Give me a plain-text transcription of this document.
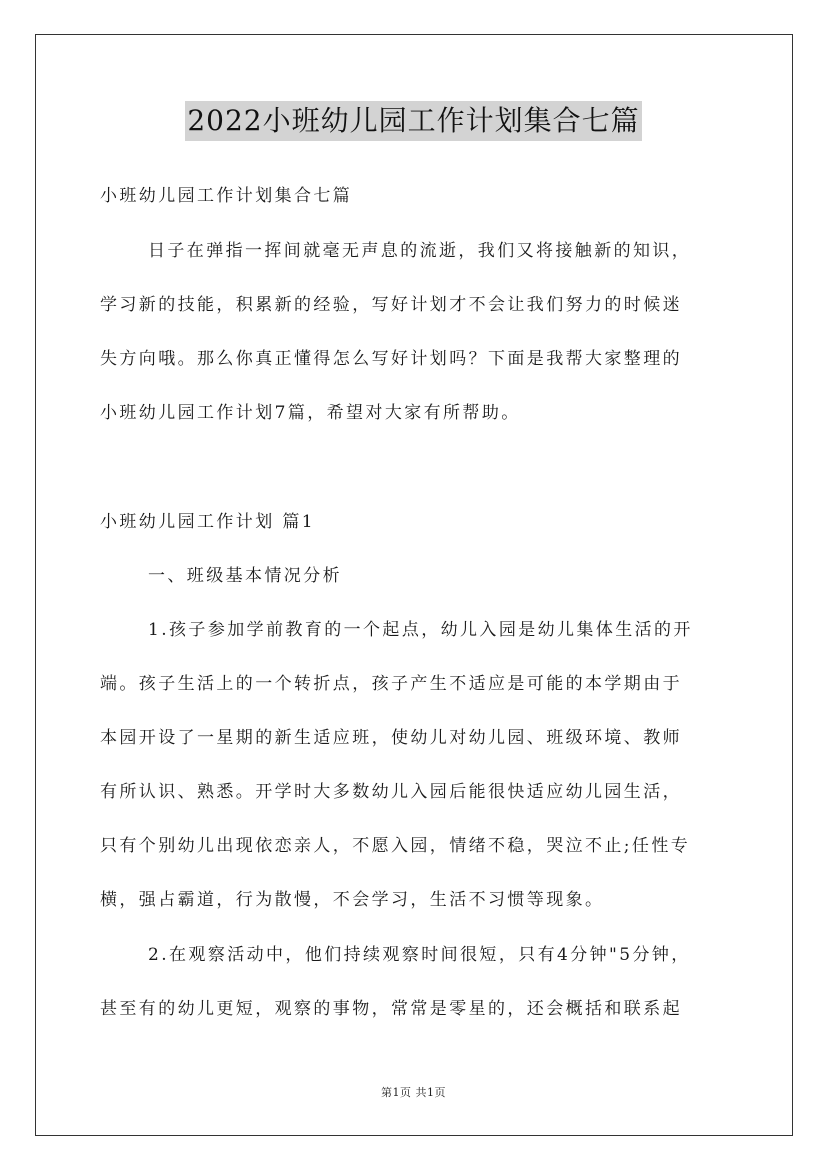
2022小班幼儿园工作计划集合七篇
小班幼儿园工作计划集合七篇
日子在弹指一挥间就毫无声息的流逝，我们又将接触新的知识，
学习新的技能，积累新的经验，写好计划才不会让我们努力的时候迷
失方向哦。那么你真正懂得怎么写好计划吗？下面是我帮大家整理的
小班幼儿园工作计划7篇，希望对大家有所帮助。
小班幼儿园工作计划 篇1
一、班级基本情况分析
1.孩子参加学前教育的一个起点，幼儿入园是幼儿集体生活的开
端。孩子生活上的一个转折点，孩子产生不适应是可能的本学期由于
本园开设了一星期的新生适应班，使幼儿对幼儿园、班级环境、教师
有所认识、熟悉。开学时大多数幼儿入园后能很快适应幼儿园生活，
只有个别幼儿出现依恋亲人，不愿入园，情绪不稳，哭泣不止;任性专
横，强占霸道，行为散慢，不会学习，生活不习惯等现象。
2.在观察活动中，他们持续观察时间很短，只有4分钟"5分钟，
甚至有的幼儿更短，观察的事物，常常是零星的，还会概括和联系起
第1页 共1页
